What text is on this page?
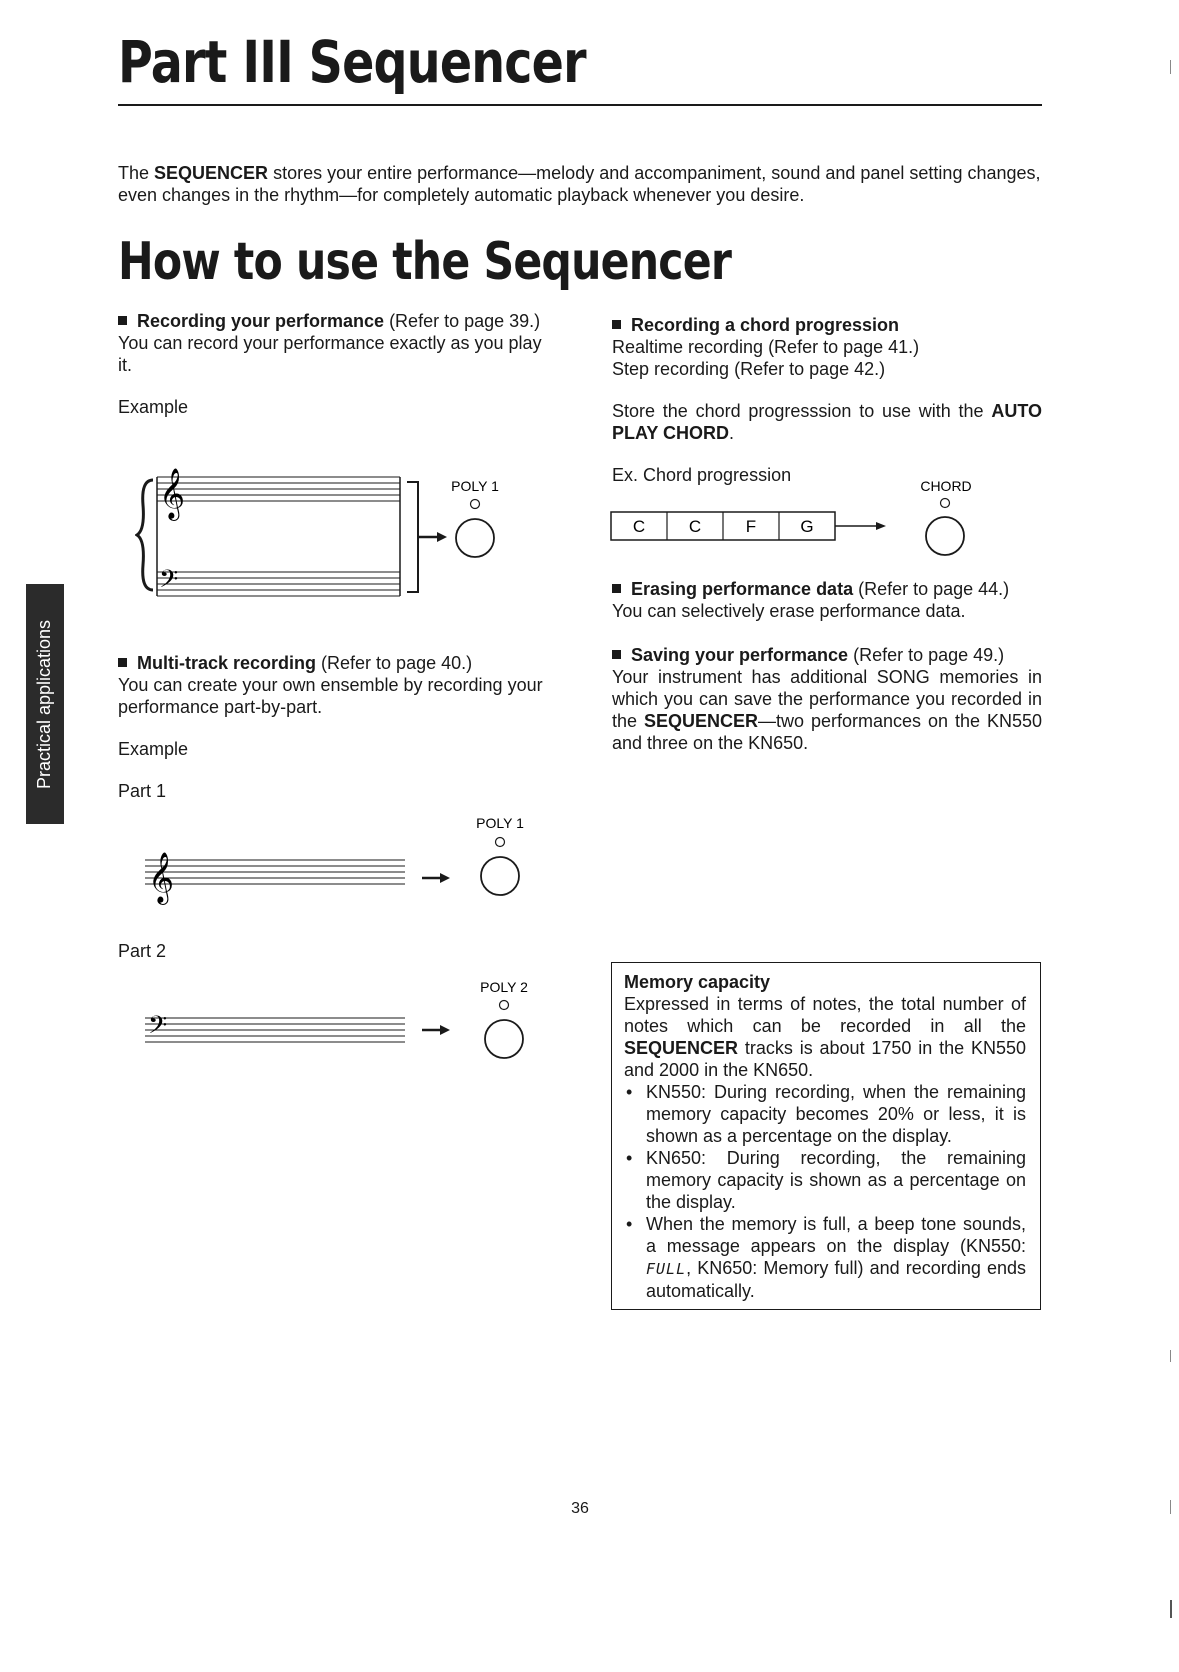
Part III Sequencer

The SEQUENCER stores your entire performance—melody and accompaniment, sound and panel setting changes, even changes in the rhythm—for completely automatic playback whenever you desire.

How to use the Sequencer

Recording your performance (Refer to page 39.)

You can record your performance exactly as you play it.

Example

𝄞
𝄢
POLY 1

Multi-track recording (Refer to page 40.)

You can create your own ensemble by recording your performance part-by-part.

Example

Part 1

𝄞
POLY 1

Part 2

𝄢
POLY 2

Recording a chord progression

Realtime recording (Refer to page 41.)

Step recording (Refer to page 42.)

Store the chord progresssion to use with the AUTO PLAY CHORD.

Ex. Chord progression

C	C	F	G
CHORD

Erasing performance data (Refer to page 44.)

You can selectively erase performance data.

Saving your performance (Refer to page 49.)

Your instrument has additional SONG memories in which you can save the performance you recorded in the SEQUENCER—two performances on the KN550 and three on the KN650.

Memory capacity

Expressed in terms of notes, the total number of notes which can be recorded in all the SEQUENCER tracks is about 1750 in the KN550 and 2000 in the KN650.

• KN550: During recording, when the remaining memory capacity becomes 20% or less, it is shown as a percentage on the display.
• KN650: During recording, the remaining memory capacity is shown as a percentage on the display.
• When the memory is full, a beep tone sounds, a message appears on the display (KN550: FULL, KN650: Memory full) and recording ends automatically.
Practical applications
36
